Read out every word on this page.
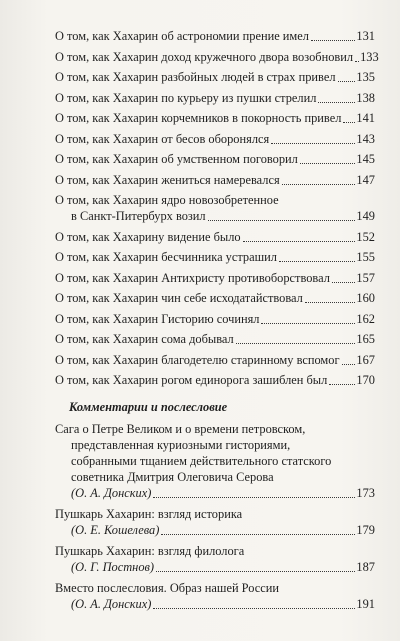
О том, как Хахарин об астрономии прение имел	131
О том, как Хахарин доход кружечного двора возобновил 133
О том, как Хахарин разбойных людей в страх привел 135
О том, как Хахарин по курьеру из пушки стрелил	138
О том, как Хахарин корчемников в покорность привел 141
О том, как Хахарин от бесов оборонялся	143
О том, как Хахарин об умственном поговорил	145
О том, как Хахарин жениться намеревался	147
О том, как Хахарин ядро новозобретенное
в Санкт-Питербурх возил	149
О том, как Хахарину видение было	152
О том, как Хахарин бесчинника устрашил	155
О том, как Хахарин Антихристу противоборствовал 157
О том, как Хахарин чин себе исходатайствовал	160
О том, как Хахарин Гисторию сочинял	162
О том, как Хахарин сома добывал	165
О том, как Хахарин благодетелю старинному вспомог 167
О том, как Хахарин рогом единорога зашиблен был 170
Комментарии и послесловие
Сага о Петре Великом и о времени петровском,
представленная куриозными гисториями,
собранными тщанием действительного статского
советника Дмитрия Олеговича Серова
(О. А. Донских)	173
Пушкарь Хахарин: взгляд историка
(О. Е. Кошелева)	179
Пушкарь Хахарин: взгляд филолога
(О. Г. Постнов)	187
Вместо послесловия. Образ нашей России
(О. А. Донских)	191
